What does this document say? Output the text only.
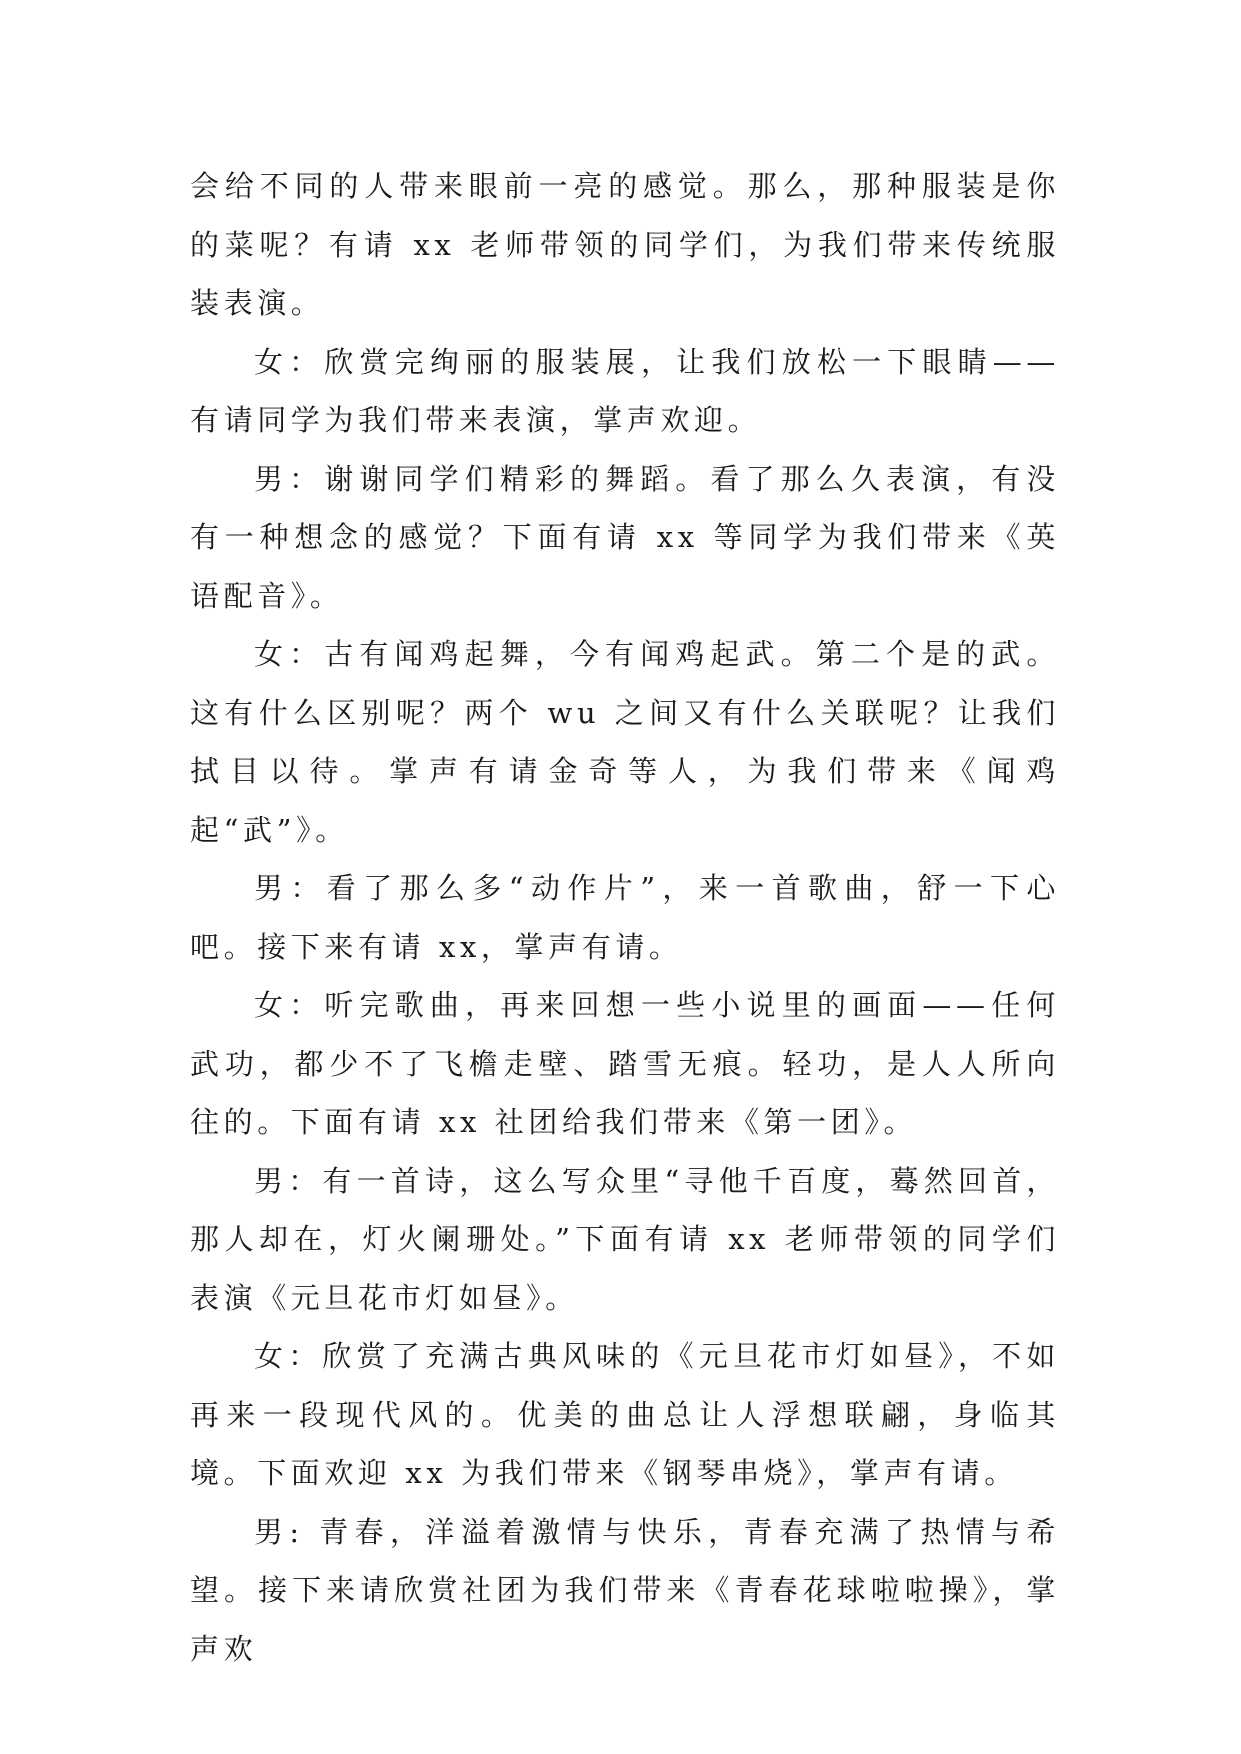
会给不同的人带来眼前一亮的感觉。那么，那种服装是你的菜呢？有请 xx 老师带领的同学们，为我们带来传统服装表演。

女：欣赏完绚丽的服装展，让我们放松一下眼睛——有请同学为我们带来表演，掌声欢迎。

男：谢谢同学们精彩的舞蹈。看了那么久表演，有没有一种想念的感觉？下面有请 xx 等同学为我们带来《英语配音》。

女：古有闻鸡起舞，今有闻鸡起武。第二个是的武。这有什么区别呢？两个 wu 之间又有什么关联呢？让我们拭目以待。掌声有请金奇等人，为我们带来《闻鸡起“武”》。

男：看了那么多“动作片”，来一首歌曲，舒一下心吧。接下来有请 xx，掌声有请。

女：听完歌曲，再来回想一些小说里的画面——任何武功，都少不了飞檐走壁、踏雪无痕。轻功，是人人所向往的。下面有请 xx 社团给我们带来《第一团》。

男：有一首诗，这么写众里“寻他千百度，蓦然回首，那人却在，灯火阑珊处。”下面有请 xx 老师带领的同学们表演《元旦花市灯如昼》。

女：欣赏了充满古典风味的《元旦花市灯如昼》，不如再来一段现代风的。优美的曲总让人浮想联翩，身临其境。下面欢迎 xx 为我们带来《钢琴串烧》，掌声有请。

男: 青春，洋溢着激情与快乐，青春充满了热情与希望。接下来请欣赏社团为我们带来《青春花球啦啦操》，掌声欢
